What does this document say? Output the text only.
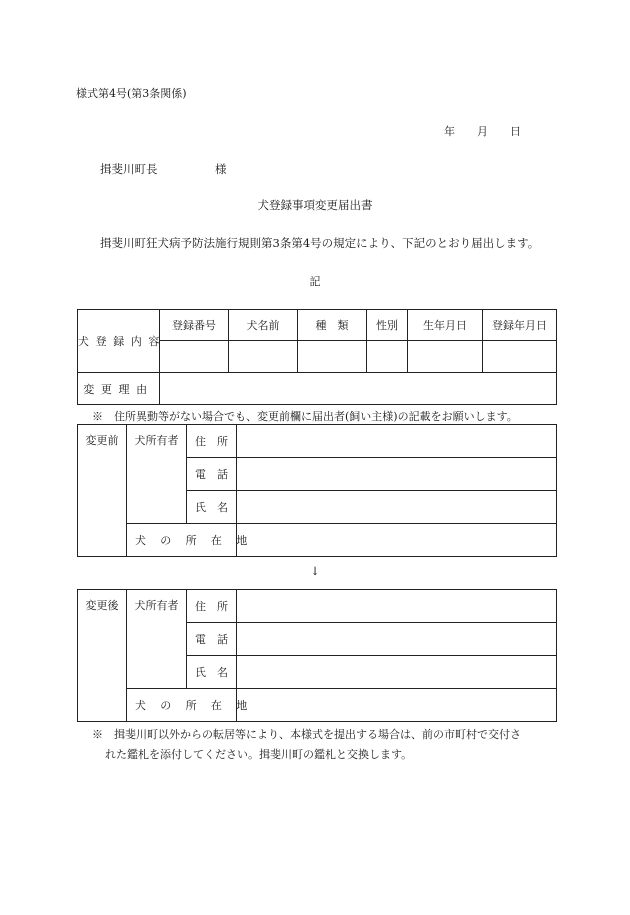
様式第4号(第3条関係)
年　　月　　日
揖斐川町長　　　　　様
犬登録事項変更届出書
揖斐川町狂犬病予防法施行規則第3条第4号の規定により、下記のとおり届出します。
記
犬登録内容	登録番号	犬名前	種　類	性別	生年月日	登録年月日

変更理由						
※　住所異動等がない場合でも、変更前欄に届出者(飼い主様)の記載をお願いします。
変更前	犬所有者	住　所	
		電　話	
		氏　名	
	犬の所在地		
↓
変更後	犬所有者	住　所	
		電　話	
		氏　名	
	犬の所在地		
※　揖斐川町以外からの転居等により、本様式を提出する場合は、前の市町村で交付さ
れた鑑札を添付してください。揖斐川町の鑑札と交換します。
